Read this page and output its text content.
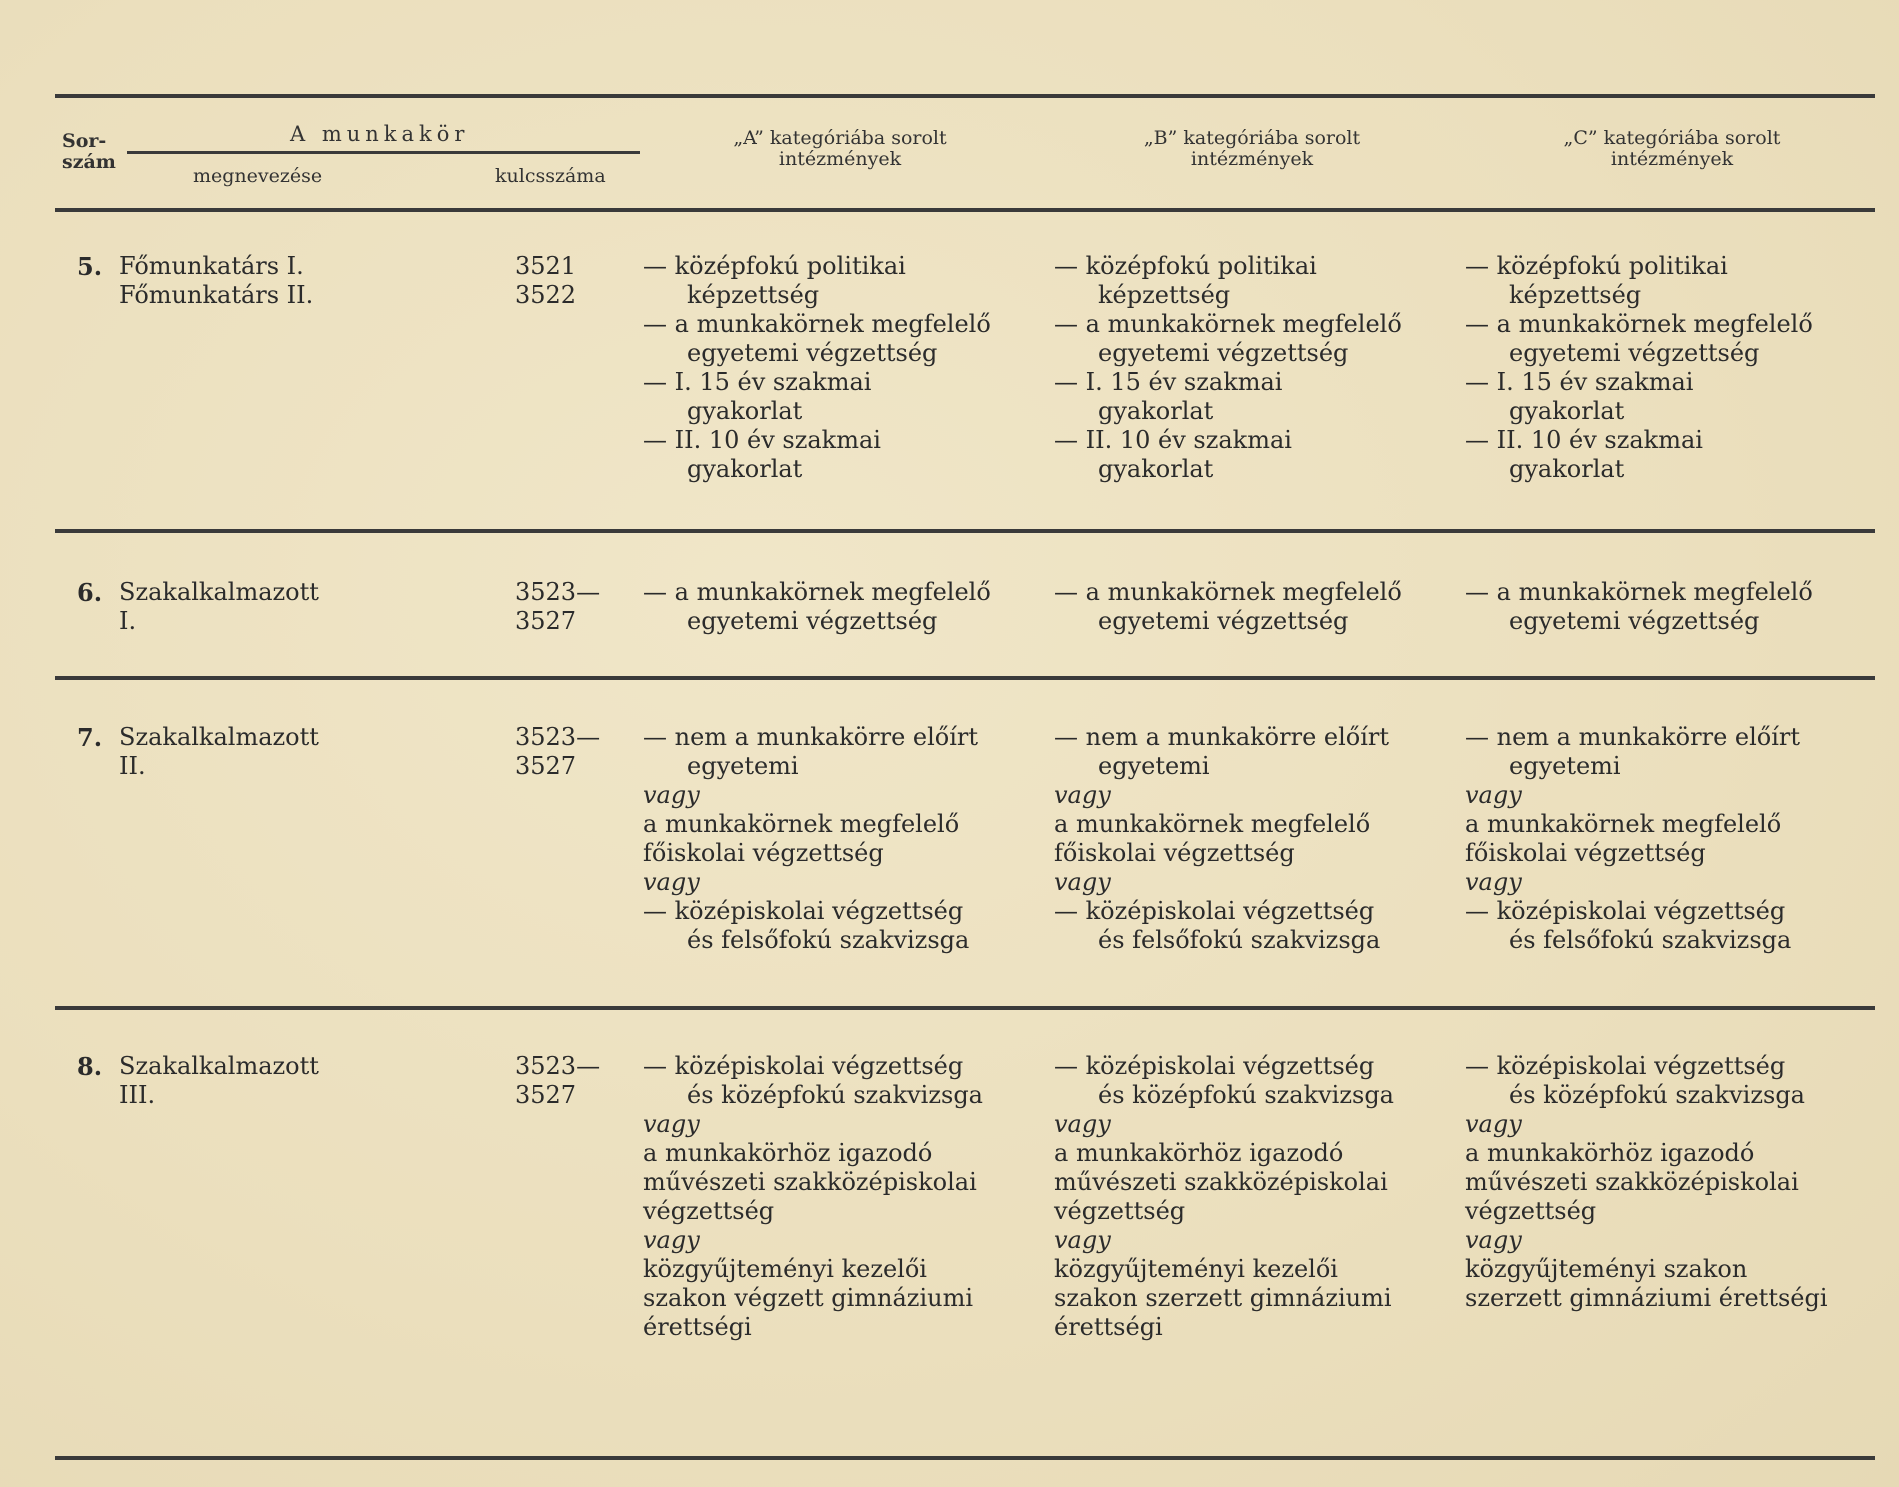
Sor-
szám
A munkakör
megnevezése	kulcsszáma
„A” kategóriába sorolt
intézmények
„B” kategóriába sorolt
intézmények
„C” kategóriába sorolt
intézmények
5. Főmunkatárs I.
Főmunkatárs II.
3521
3522
— középfokú politikai
képzettség
— a munkakörnek megfelelő
egyetemi végzettség
— I. 15 év szakmai
gyakorlat
— II. 10 év szakmai
gyakorlat
— középfokú politikai
képzettség
— a munkakörnek megfelelő
egyetemi végzettség
— I. 15 év szakmai
gyakorlat
— II. 10 év szakmai
gyakorlat
— középfokú politikai
képzettség
— a munkakörnek megfelelő
egyetemi végzettség
— I. 15 év szakmai
gyakorlat
— II. 10 év szakmai
gyakorlat
6. Szakalkalmazott
I.
3523—
3527
— a munkakörnek megfelelő
egyetemi végzettség
— a munkakörnek megfelelő
egyetemi végzettség
— a munkakörnek megfelelő
egyetemi végzettség
7. Szakalkalmazott
II.
3523—
3527
— nem a munkakörre előírt
egyetemi
vagy
a munkakörnek megfelelő
főiskolai végzettség
vagy
— középiskolai végzettség
és felsőfokú szakvizsga
— nem a munkakörre előírt
egyetemi
vagy
a munkakörnek megfelelő
főiskolai végzettség
vagy
— középiskolai végzettség
és felsőfokú szakvizsga
— nem a munkakörre előírt
egyetemi
vagy
a munkakörnek megfelelő
főiskolai végzettség
vagy
— középiskolai végzettség
és felsőfokú szakvizsga
8. Szakalkalmazott
III.
3523—
3527
— középiskolai végzettség
és középfokú szakvizsga
vagy
a munkakörhöz igazodó
művészeti szakközépiskolai
végzettség
vagy
közgyűjteményi kezelői
szakon végzett gimnáziumi
érettségi
— középiskolai végzettség
és középfokú szakvizsga
vagy
a munkakörhöz igazodó
művészeti szakközépiskolai
végzettség
vagy
közgyűjteményi kezelői
szakon szerzett gimnáziumi
érettségi
— középiskolai végzettség
és középfokú szakvizsga
vagy
a munkakörhöz igazodó
művészeti szakközépiskolai
végzettség
vagy
közgyűjteményi szakon
szerzett gimnáziumi érettségi
